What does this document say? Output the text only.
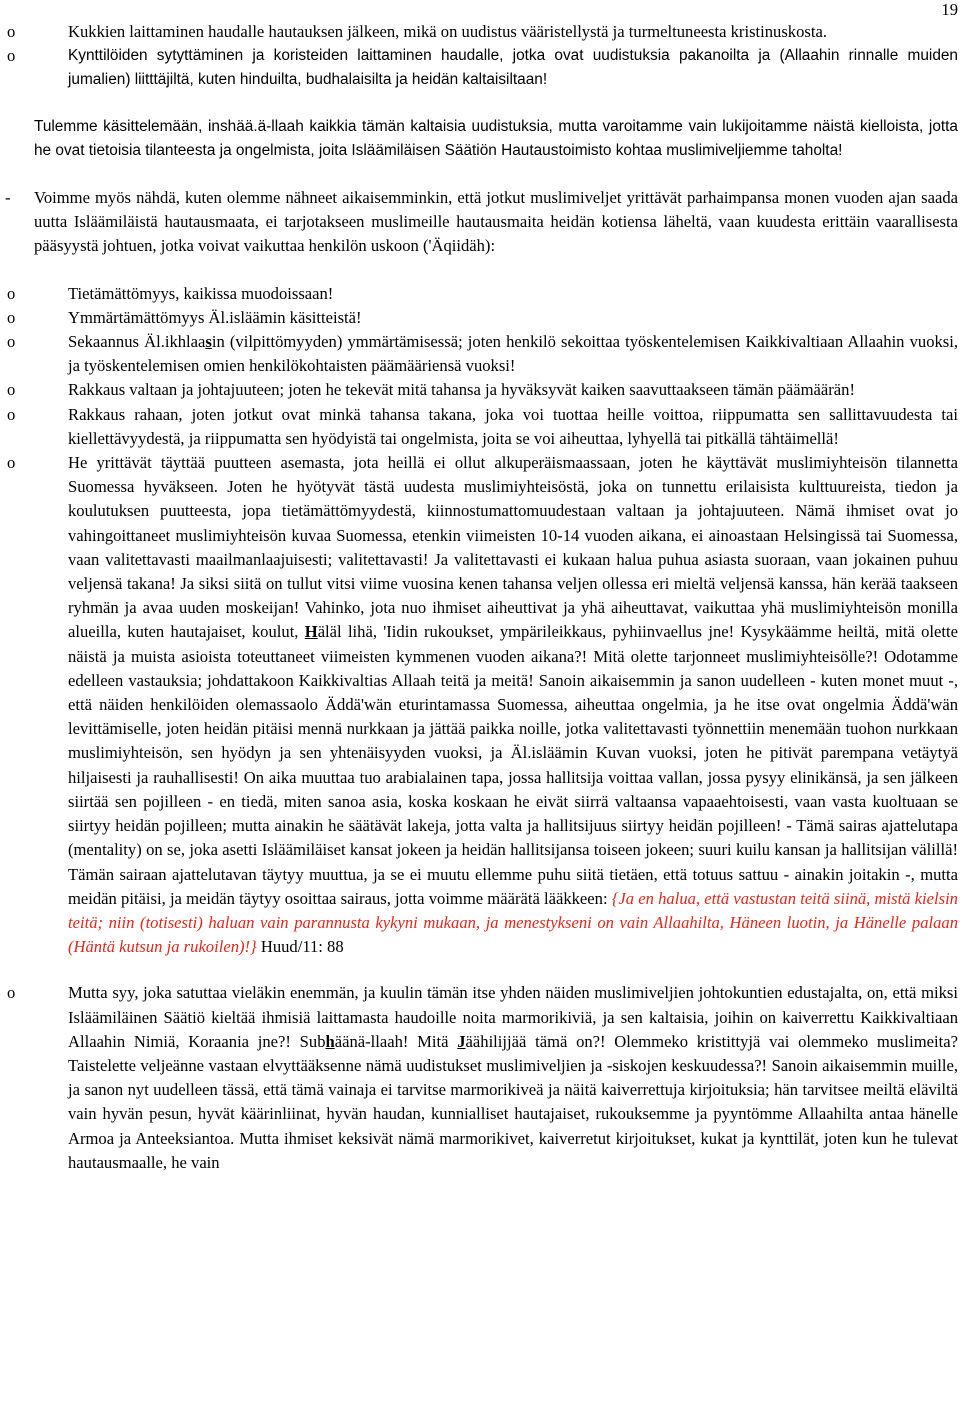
19
o	Kukkien laittaminen haudalle hautauksen jälkeen, mikä on uudistus vääristellystä ja turmeltuneesta kristinuskosta.
o	Kynttilöiden sytyttäminen ja koristeiden laittaminen haudalle, jotka ovat uudistuksia pakanoilta ja (Allaahin rinnalle muiden jumalien) liitttäjiltä, kuten hinduilta, budhalaisilta ja heidän kaltaisiltaan!
Tulemme käsittelemään, inshää.ä-llaah kaikkia tämän kaltaisia uudistuksia, mutta varoitamme vain lukijoitamme näistä kielloista, jotta he ovat tietoisia tilanteesta ja ongelmista, joita Isläämiläisen Säätiön Hautaustoimisto kohtaa muslimiveljiemme taholta!
- Voimme myös nähdä, kuten olemme nähneet aikaisemminkin, että jotkut muslimiveljet yrittävät parhaimpansa monen vuoden ajan saada uutta Isläämiläistä hautausmaata, ei tarjotakseen muslimeille hautausmaita heidän kotiensa läheltä, vaan kuudesta erittäin vaarallisesta pääsyystä johtuen, jotka voivat vaikuttaa henkilön uskoon ('Äqiidäh):
o	Tietämättömyys, kaikissa muodoissaan!
o	Ymmärtämättömyys Äl.isläämin käsitteistä!
o	Sekaannus Äl.ikhlaasin (vilpittömyyden) ymmärtämisessä; joten henkilö sekoittaa työskentelemisen Kaikkivaltiaan Allaahin vuoksi, ja työskentelemisen omien henkilökohtaisten päämääriensä vuoksi!
o	Rakkaus valtaan ja johtajuuteen; joten he tekevät mitä tahansa ja hyväksyvät kaiken saavuttaakseen tämän päämäärän!
o	Rakkaus rahaan, joten jotkut ovat minkä tahansa takana, joka voi tuottaa heille voittoa, riippumatta sen sallittavuudesta tai kiellettävyydestä, ja riippumatta sen hyödyistä tai ongelmista, joita se voi aiheuttaa, lyhyellä tai pitkällä tähtäimellä!
o	He yrittävät täyttää puutteen asemasta, jota heillä ei ollut alkuperäismaassaan, joten he käyttävät muslimiyhteisön tilannetta Suomessa hyväkseen. Joten he hyötyvät tästä uudesta muslimiyhteisöstä, joka on tunnettu erilaisista kulttuureista, tiedon ja koulutuksen puutteesta, jopa tietämättömyydestä, kiinnostumattomuudestaan valtaan ja johtajuuteen. Nämä ihmiset ovat jo vahingoittaneet muslimiyhteisön kuvaa Suomessa, etenkin viimeisten 10-14 vuoden aikana, ei ainoastaan Helsingissä tai Suomessa, vaan valitettavasti maailmanlaajuisesti; valitettavasti! Ja valitettavasti ei kukaan halua puhua asiasta suoraan, vaan jokainen puhuu veljensä takana! Ja siksi siitä on tullut vitsi viime vuosina kenen tahansa veljen ollessa eri mieltä veljensä kanssa, hän kerää taakseen ryhmän ja avaa uuden moskeijan! Vahinko, jota nuo ihmiset aiheuttivat ja yhä aiheuttavat, vaikuttaa yhä muslimiyhteisön monilla alueilla, kuten hautajaiset, koulut, Häläl lihä, 'Iidin rukoukset, ympärileikkaus, pyhiinvaellus jne! Kysykäämme heiltä, mitä olette näistä ja muista asioista toteuttaneet viimeisten kymmenen vuoden aikana?! Mitä olette tarjonneet muslimiyhteisölle?! Odotamme edelleen vastauksia; johdattakoon Kaikkivaltias Allaah teitä ja meitä! Sanoin aikaisemmin ja sanon uudelleen - kuten monet muut -, että näiden henkilöiden olemassaolo Äddä'wän eturintamassa Suomessa, aiheuttaa ongelmia, ja he itse ovat ongelmia Äddä'wän levittämiselle, joten heidän pitäisi mennä nurkkaan ja jättää paikka noille, jotka valitettavasti työnnettiin menemään tuohon nurkkaan muslimiyhteisön, sen hyödyn ja sen yhtenäisyyden vuoksi, ja Äl.isläämin Kuvan vuoksi, joten he pitivät parempana vetäytyä hiljaisesti ja rauhallisesti! On aika muuttaa tuo arabialainen tapa, jossa hallitsija voittaa vallan, jossa pysyy elinikänsä, ja sen jälkeen siirtää sen pojilleen - en tiedä, miten sanoa asia, koska koskaan he eivät siirrä valtaansa vapaaehtoisesti, vaan vasta kuoltuaan se siirtyy heidän pojilleen; mutta ainakin he säätävät lakeja, jotta valta ja hallitsijuus siirtyy heidän pojilleen! - Tämä sairas ajattelutapa (mentality) on se, joka asetti Isläämiläiset kansat jokeen ja heidän hallitsijansa toiseen jokeen; suuri kuilu kansan ja hallitsijan välillä! Tämän sairaan ajattelutavan täytyy muuttua, ja se ei muutu ellemme puhu siitä tietäen, että totuus sattuu - ainakin joitakin -, mutta meidän pitäisi, ja meidän täytyy osoittaa sairaus, jotta voimme määrätä lääkkeen: {Ja en halua, että vastustan teitä siinä, mistä kielsin teitä; niin (totisesti) haluan vain parannusta kykyni mukaan, ja menestykseni on vain Allaahilta, Häneen luotin, ja Hänelle palaan (Häntä kutsun ja rukoilen)!} Huud/11: 88
o	Mutta syy, joka satuttaa vieläkin enemmän, ja kuulin tämän itse yhden näiden muslimiveljien johtokuntien edustajalta, on, että miksi Isläämiläinen Säätiö kieltää ihmisiä laittamasta haudoille noita marmorikiviä, ja sen kaltaisia, joihin on kaiverrettu Kaikkivaltiaan Allaahin Nimiä, Koraania jne?! Subhäänä-llaah! Mitä Jäähilijjää tämä on?! Olemmeko kristittyjä vai olemmeko muslimeita? Taistelette veljeänne vastaan elvyttääksenne nämä uudistukset muslimiveljien ja -siskojen keskuudessa?! Sanoin aikaisemmin muille, ja sanon nyt uudelleen tässä, että tämä vainaja ei tarvitse marmorikiveä ja näitä kaiverrettuja kirjoituksia; hän tarvitsee meiltä eläviltä vain hyvän pesun, hyvät käärinliinat, hyvän haudan, kunnialliset hautajaiset, rukouksemme ja pyyntömme Allaahilta antaa hänelle Armoa ja Anteeksiantoa. Mutta ihmiset keksivät nämä marmorikivet, kaiverretut kirjoitukset, kukat ja kynttilät, joten kun he tulevat hautausmaalle, he vain
